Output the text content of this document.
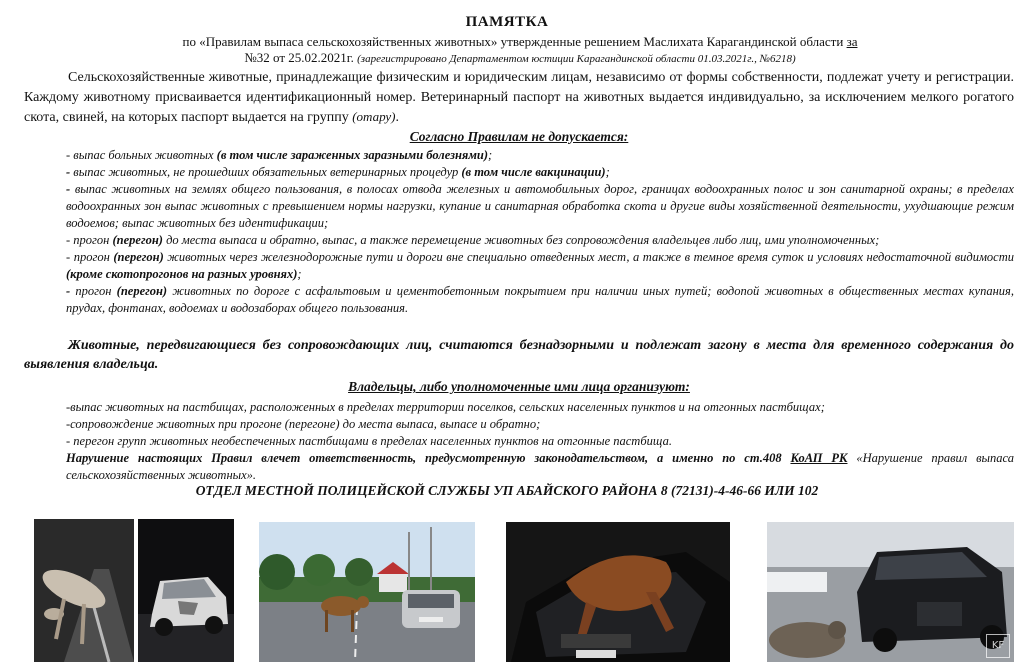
ПАМЯТКА
по «Правилам выпаса сельскохозяйственных животных» утвержденные решением Маслихата Карагандинской области за
№32 от 25.02.2021г. (зарегистрировано Департаментом юстиции Карагандинской области 01.03.2021г., №6218)
Сельскохозяйственные животные, принадлежащие физическим и юридическим лицам, независимо от формы собственности, подлежат учету и регистрации. Каждому животному присваивается идентификационный номер. Ветеринарный паспорт на животных выдается индивидуально, за исключением мелкого рогатого скота, свиней, на которых паспорт выдается на группу (отару).
Согласно Правилам не допускается:

- выпас больных животных (в том числе зараженных заразными болезнями);

- выпас животных, не прошедших обязательных ветеринарных процедур (в том числе вакцинации);

- выпас животных на землях общего пользования, в полосах отвода железных и автомобильных дорог, границах водоохранных полос и зон санитарной охраны; в пределах водоохранных зон выпас животных с превышением нормы нагрузки, купание и санитарная обработка скота и другие виды хозяйственной деятельности, ухудшающие режим водоемов; выпас животных без идентификации;

- прогон (перегон) до места выпаса и обратно, выпас, а также перемещение животных без сопровождения владельцев либо лиц, ими уполномоченных;

- прогон (перегон) животных через железнодорожные пути и дороги вне специально отведенных мест, а также в темное время суток и условиях недостаточной видимости (кроме скотопрогонов на разных уровнях);

- прогон (перегон) животных по дороге с асфальтовым и цементобетонным покрытием при наличии иных путей; водопой животных в общественных местах купания, прудах, фонтанах, водоемах и водозаборах общего пользования.

Животные, передвигающиеся без сопровождающих лиц, считаются безнадзорными и подлежат загону в места для временного содержания до выявления владельца.
Владельцы, либо уполномоченные ими лица организуют:

-выпас животных на пастбищах, расположенных в пределах территории поселков, сельских населенных пунктов и на отгонных пастбищах;

-сопровождение животных при прогоне (перегоне) до места выпаса, выпасе и обратно;

- перегон групп животных необеспеченных пастбищами в пределах населенных пунктов на отгонные пастбища.

Нарушение настоящих Правил влечет ответственность, предусмотренную законодательством, а именно по ст.408 КоАП РК «Нарушение правил выпаса сельскохозяйственных животных».

ОТДЕЛ МЕСТНОЙ ПОЛИЦЕЙСКОЙ СЛУЖБЫ УП АБАЙСКОГО РАЙОНА 8 (72131)-4-46-66 ИЛИ 102
KF
